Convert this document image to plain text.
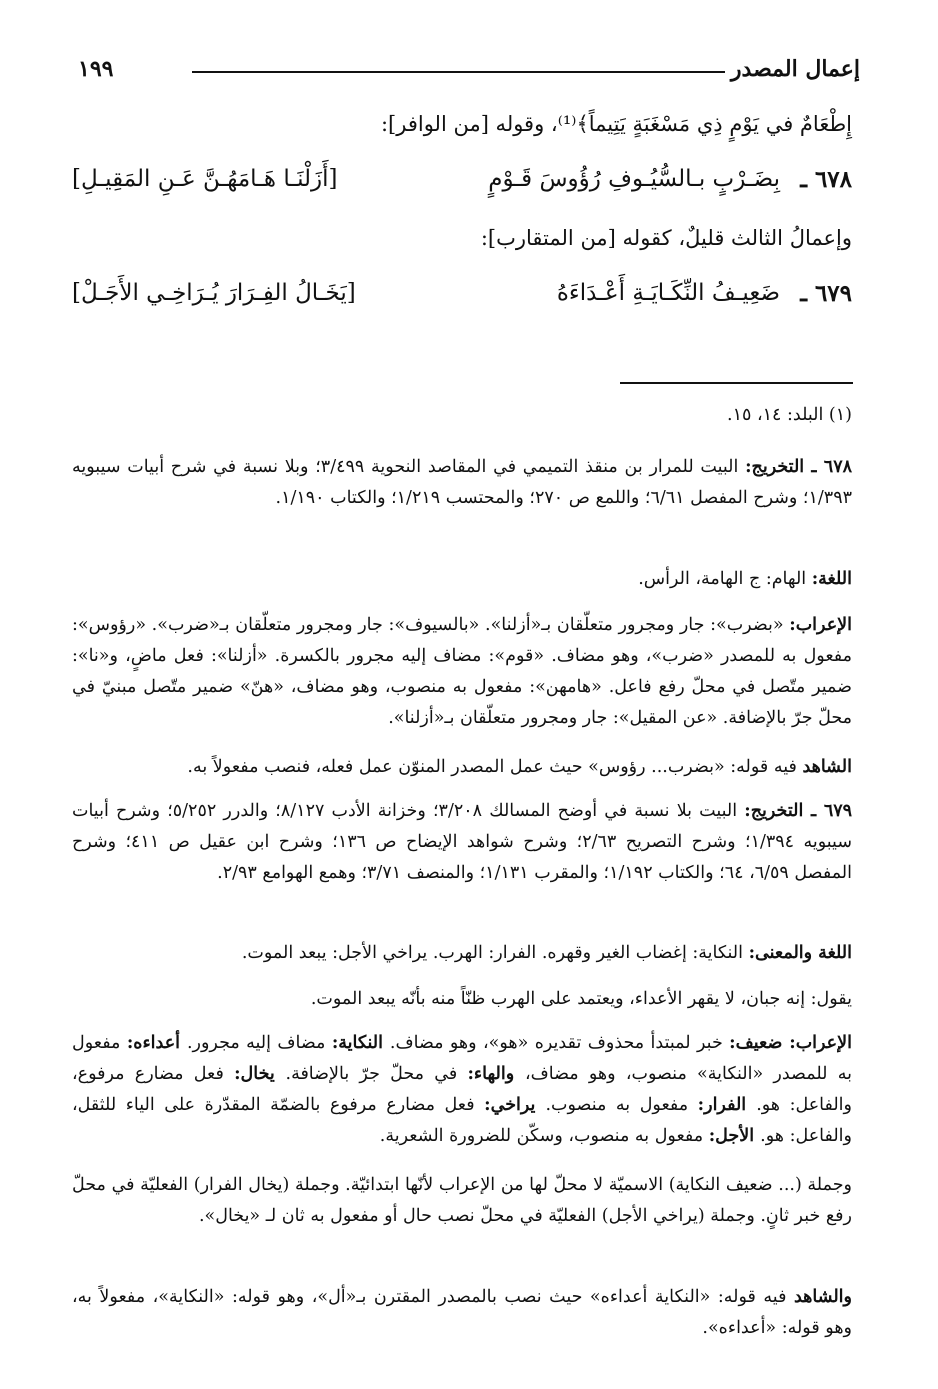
إعمال المصدر
١٩٩
إِطْعَامٌ في يَوْمٍ ذِي مَسْغَبَةٍ يَتِيماً﴾⁽¹⁾، وقوله [من الوافر]:
٦٧٨ ـ
بِضَـرْبٍ بـالسُّيُـوفِ رُؤُوسَ قَـوْمٍ
[أَزَلْنَـا هَـامَهُـنَّ عَـنِ المَقِيـلِ]
وإعمالُ الثالث قليلٌ، كقوله [من المتقارب]:
٦٧٩ ـ
ضَعِيـفُ النِّكَـايَـةِ أَعْـدَاءَهُ
[يَخَـالُ الفِـرَارَ يُـرَاخِـي الأَجَـلْ]
(١) البلد: ١٤، ١٥.
٦٧٨ ـ التخريج: البيت للمرار بن منقذ التميمي في المقاصد النحوية ٣/٤٩٩؛ وبلا نسبة في شرح أبيات سيبويه ١/٣٩٣؛ وشرح المفصل ٦/٦١؛ واللمع ص ٢٧٠؛ والمحتسب ١/٢١٩؛ والكتاب ١/١٩٠.
اللغة: الهام: ج الهامة، الرأس.
الإعراب: «بضرب»: جار ومجرور متعلّقان بـ«أزلنا». «بالسيوف»: جار ومجرور متعلّقان بـ«ضرب». «رؤوس»: مفعول به للمصدر «ضرب»، وهو مضاف. «قوم»: مضاف إليه مجرور بالكسرة. «أزلنا»: فعل ماضٍ، و«نا»: ضمير متّصل في محلّ رفع فاعل. «هامهن»: مفعول به منصوب، وهو مضاف، «هنّ» ضمير متّصل مبنيّ في محلّ جرّ بالإضافة. «عن المقيل»: جار ومجرور متعلّقان بـ«أزلنا».
الشاهد فيه قوله: «بضرب... رؤوس» حيث عمل المصدر المنوّن عمل فعله، فنصب مفعولاً به.
٦٧٩ ـ التخريج: البيت بلا نسبة في أوضح المسالك ٣/٢٠٨؛ وخزانة الأدب ٨/١٢٧؛ والدرر ٥/٢٥٢؛ وشرح أبيات سيبويه ١/٣٩٤؛ وشرح التصريح ٢/٦٣؛ وشرح شواهد الإيضاح ص ١٣٦؛ وشرح ابن عقيل ص ٤١١؛ وشرح المفصل ٦/٥٩، ٦٤؛ والكتاب ١/١٩٢؛ والمقرب ١/١٣١؛ والمنصف ٣/٧١؛ وهمع الهوامع ٢/٩٣.
اللغة والمعنى: النكاية: إغضاب الغير وقهره. الفرار: الهرب. يراخي الأجل: يبعد الموت.
يقول: إنه جبان، لا يقهر الأعداء، ويعتمد على الهرب ظنّاً منه بأنّه يبعد الموت.
الإعراب: ضعيف: خبر لمبتدأ محذوف تقديره «هو»، وهو مضاف. النكاية: مضاف إليه مجرور. أعداءه: مفعول به للمصدر «النكاية» منصوب، وهو مضاف، والهاء: في محلّ جرّ بالإضافة. يخال: فعل مضارع مرفوع، والفاعل: هو. الفرار: مفعول به منصوب. يراخي: فعل مضارع مرفوع بالضمّة المقدّرة على الياء للثقل، والفاعل: هو. الأجل: مفعول به منصوب، وسكّن للضرورة الشعرية.
وجملة (... ضعيف النكاية) الاسميّة لا محلّ لها من الإعراب لأنّها ابتدائيّة. وجملة (يخال الفرار) الفعليّة في محلّ رفع خبر ثانٍ. وجملة (يراخي الأجل) الفعليّة في محلّ نصب حال أو مفعول به ثان لـ «يخال».
والشاهد فيه قوله: «النكاية أعداءه» حيث نصب بالمصدر المقترن بـ«أل»، وهو قوله: «النكاية»، مفعولاً به، وهو قوله: «أعداءه».
